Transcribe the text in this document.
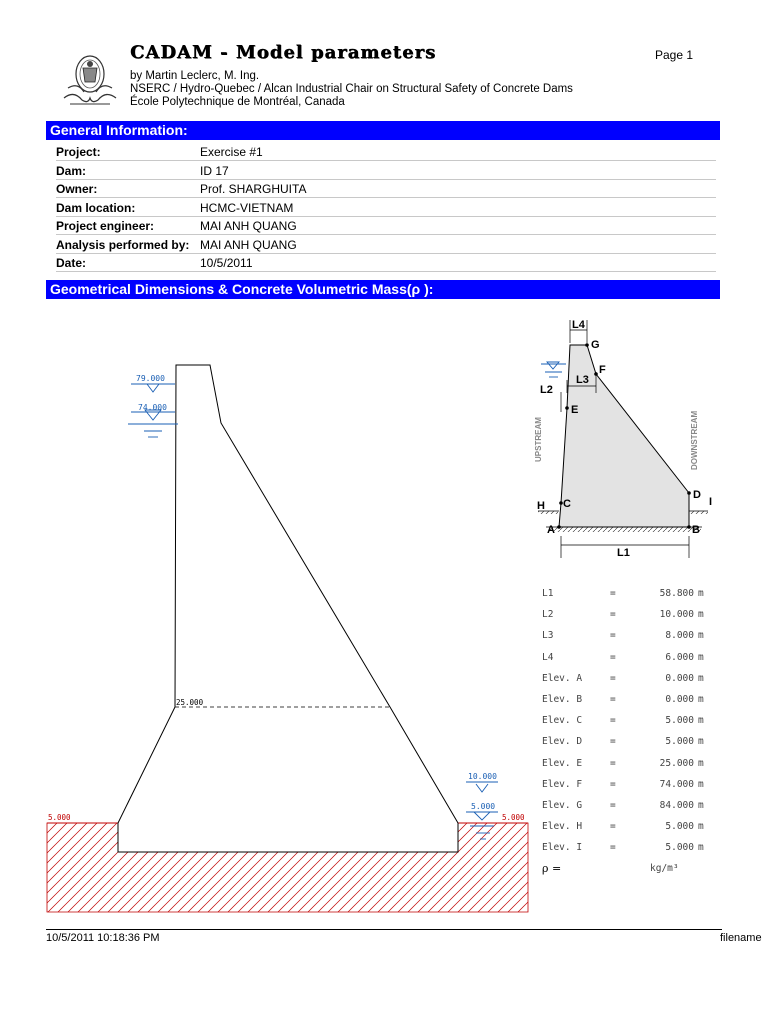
CADAM - Model parameters	Page 1
by Martin Leclerc, M. Ing.
NSERC / Hydro-Quebec / Alcan Industrial Chair on Structural Safety of Concrete Dams
École Polytechnique de Montréal, Canada
General Information:
Project:	Exercise #1
Dam:	ID 17
Owner:	Prof. SHARGHUITA
Dam location:	HCMC-VIETNAM
Project engineer:	MAI ANH QUANG
Analysis performed by: MAI ANH QUANG
Date:	10/5/2011
Geometrical Dimensions & Concrete Volumetric Mass(ρ ):
79.000
74.000
25.000
10.000
5.000
5.000	5.000
L4
G
F
L3
L2
E
C
H
D
I
A	B
L1
UPSTREAM	DOWNSTREAM
L1	=	58.800 m
L2	=	10.000 m
L3	=	8.000 m
L4	=	6.000 m
Elev. A	=	0.000 m
Elev. B	=	0.000 m
Elev. C	=	5.000 m
Elev. D	=	5.000 m
Elev. E	=	25.000 m
Elev. F	=	74.000 m
Elev. G	=	84.000 m
Elev. H	=	5.000 m
Elev. I	=	5.000 m
ρ =	kg/m³
10/5/2011 10:18:36 PM	filename
